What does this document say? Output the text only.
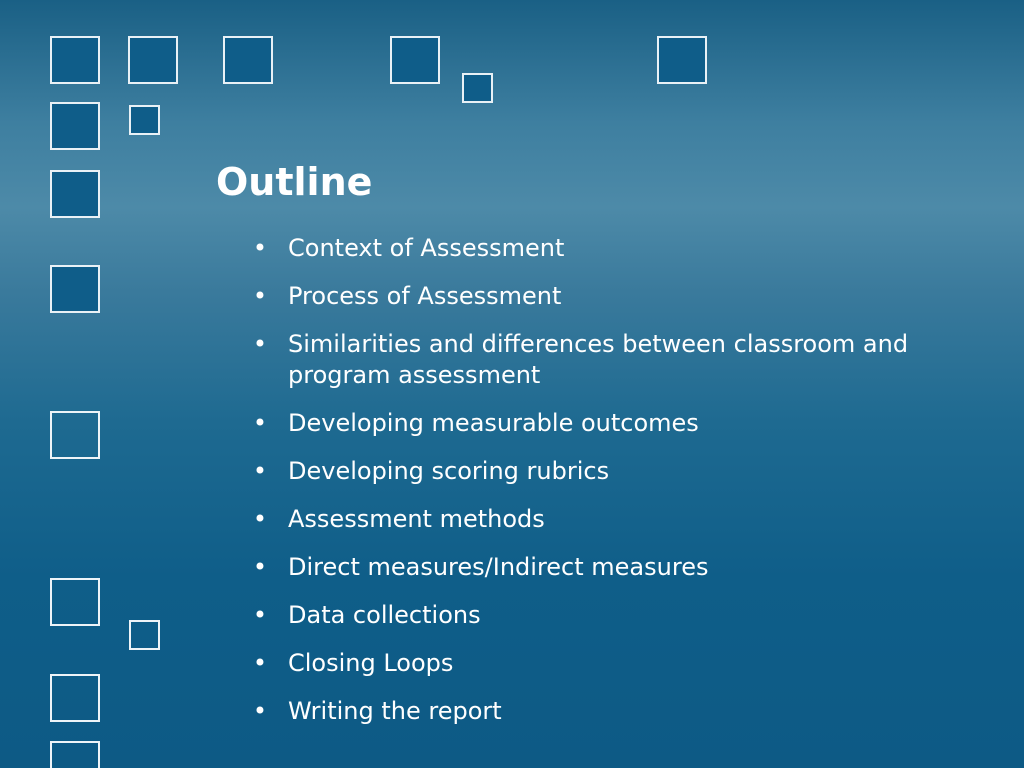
Outline
• Context of Assessment
• Process of Assessment
• Similarities and differences between classroom and program assessment
• Developing measurable outcomes
• Developing scoring rubrics
• Assessment methods
• Direct measures/Indirect measures
• Data collections
• Closing Loops
• Writing the report
